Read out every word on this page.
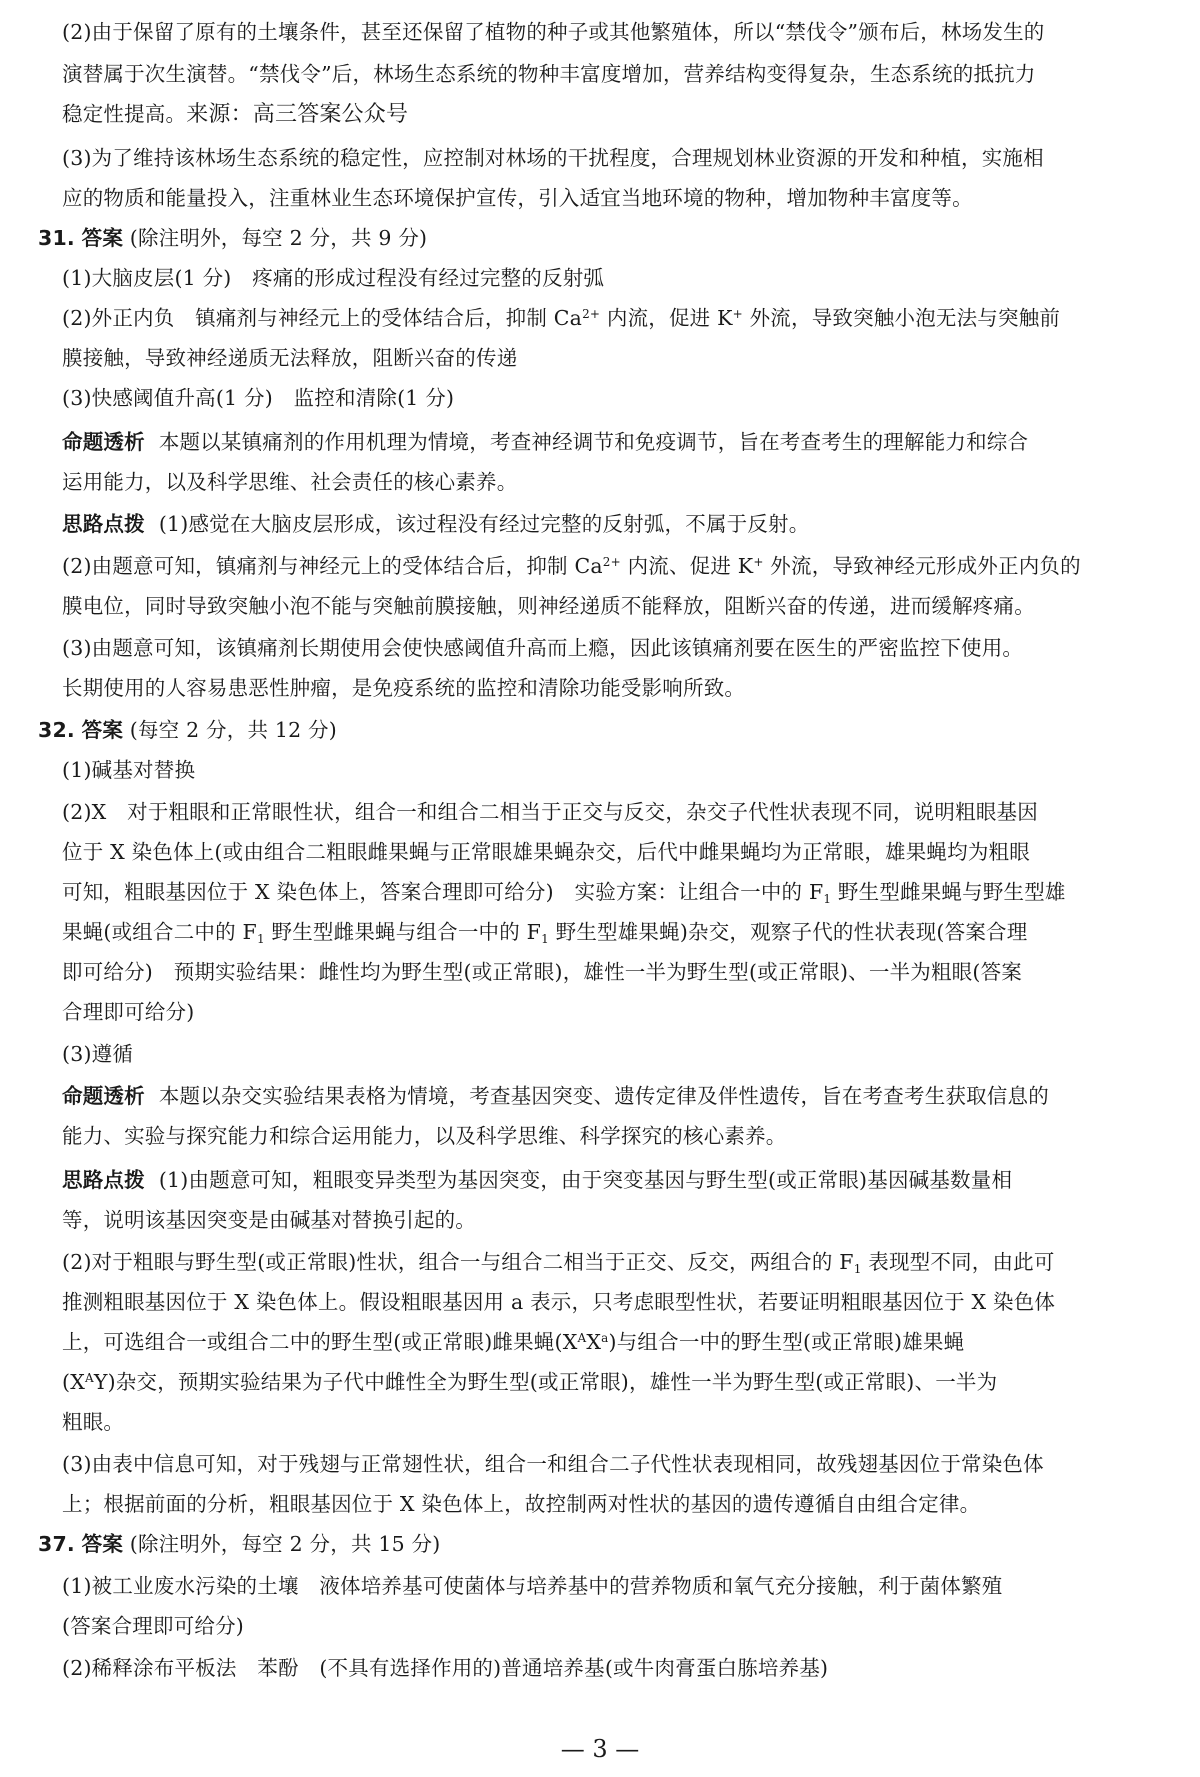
(2)由于保留了原有的土壤条件，甚至还保留了植物的种子或其他繁殖体，所以“禁伐令”颁布后，林场发生的
演替属于次生演替。“禁伐令”后，林场生态系统的物种丰富度增加，营养结构变得复杂，生态系统的抵抗力
稳定性提高。来源：高三答案公众号
(3)为了维持该林场生态系统的稳定性，应控制对林场的干扰程度，合理规划林业资源的开发和种植，实施相
应的物质和能量投入，注重林业生态环境保护宣传，引入适宜当地环境的物种，增加物种丰富度等。
31. 答案 (除注明外，每空 2 分，共 9 分)
(1)大脑皮层(1 分)　疼痛的形成过程没有经过完整的反射弧
(2)外正内负　镇痛剂与神经元上的受体结合后，抑制 $Ca^{2+}$ 内流，促进 K+ 外流，导致突触小泡无法与突触前
膜接触，导致神经递质无法释放，阻断兴奋的传递
(3)快感阈值升高(1 分)　监控和清除(1 分)
命题透析 本题以某镇痛剂的作用机理为情境，考查神经调节和免疫调节，旨在考查考生的理解能力和综合
运用能力，以及科学思维、社会责任的核心素养。
思路点拨 (1)感觉在大脑皮层形成，该过程没有经过完整的反射弧，不属于反射。
(2)由题意可知，镇痛剂与神经元上的受体结合后，抑制 $Ca^{2+}$ 内流、促进 K+ 外流，导致神经元形成外正内负的
膜电位，同时导致突触小泡不能与突触前膜接触，则神经递质不能释放，阻断兴奋的传递，进而缓解疼痛。
(3)由题意可知，该镇痛剂长期使用会使快感阈值升高而上瘾，因此该镇痛剂要在医生的严密监控下使用。
长期使用的人容易患恶性肿瘤，是免疫系统的监控和清除功能受影响所致。
32. 答案 (每空 2 分，共 12 分)
(1)碱基对替换
(2)X　对于粗眼和正常眼性状，组合一和组合二相当于正交与反交，杂交子代性状表现不同，说明粗眼基因
位于 X 染色体上(或由组合二粗眼雌果蝇与正常眼雄果蝇杂交，后代中雌果蝇均为正常眼，雄果蝇均为粗眼
可知，粗眼基因位于 X 染色体上，答案合理即可给分)　实验方案：让组合一中的 $F_1$ 野生型雌果蝇与野生型雄
果蝇(或组合二中的 $F_1$ 野生型雌果蝇与组合一中的 $F_1$ 野生型雄果蝇)杂交，观察子代的性状表现(答案合理
即可给分)　预期实验结果：雌性均为野生型(或正常眼)，雄性一半为野生型(或正常眼)、一半为粗眼(答案
合理即可给分)
(3)遵循
命题透析 本题以杂交实验结果表格为情境，考查基因突变、遗传定律及伴性遗传，旨在考查考生获取信息的
能力、实验与探究能力和综合运用能力，以及科学思维、科学探究的核心素养。
思路点拨 (1)由题意可知，粗眼变异类型为基因突变，由于突变基因与野生型(或正常眼)基因碱基数量相
等，说明该基因突变是由碱基对替换引起的。
(2)对于粗眼与野生型(或正常眼)性状，组合一与组合二相当于正交、反交，两组合的 $F_1$ 表现型不同，由此可
推测粗眼基因位于 X 染色体上。假设粗眼基因用 a 表示，只考虑眼型性状，若要证明粗眼基因位于 X 染色体
上，可选组合一或组合二中的野生型(或正常眼)雌果蝇$(X^AX^a)$与组合一中的野生型(或正常眼)雄果蝇
$(X^AY)$杂交，预期实验结果为子代中雌性全为野生型(或正常眼)，雄性一半为野生型(或正常眼)、一半为
粗眼。
(3)由表中信息可知，对于残翅与正常翅性状，组合一和组合二子代性状表现相同，故残翅基因位于常染色体
上；根据前面的分析，粗眼基因位于 X 染色体上，故控制两对性状的基因的遗传遵循自由组合定律。
37. 答案 (除注明外，每空 2 分，共 15 分)
(1)被工业废水污染的土壤　液体培养基可使菌体与培养基中的营养物质和氧气充分接触，利于菌体繁殖
(答案合理即可给分)
(2)稀释涂布平板法　苯酚　(不具有选择作用的)普通培养基(或牛肉膏蛋白胨培养基)
— 3 —
